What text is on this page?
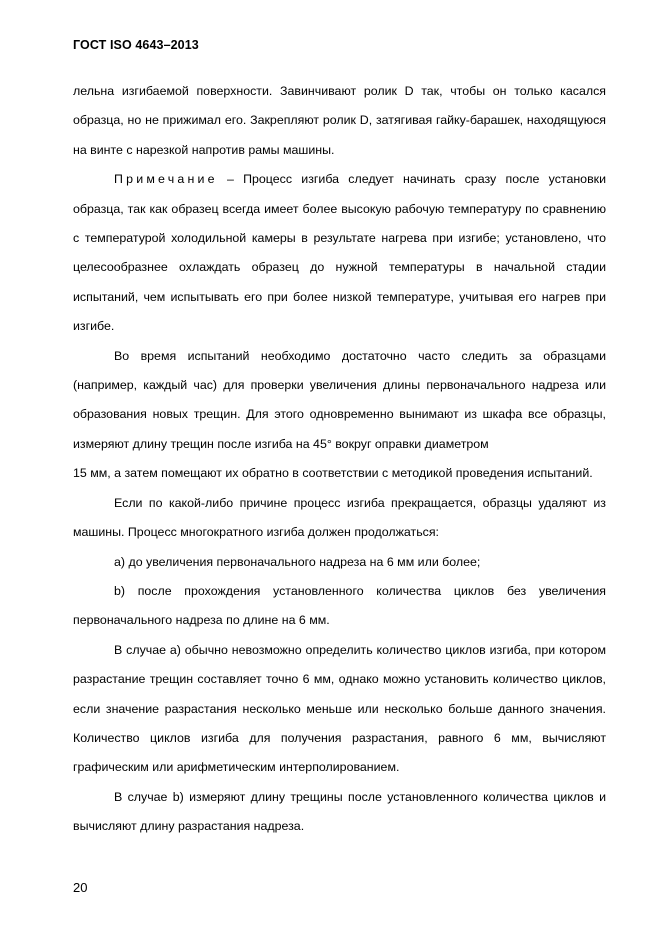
ГОСТ ISO 4643–2013

лельна изгибаемой поверхности. Завинчивают ролик D так, чтобы он только касался образца, но не прижимал его. Закрепляют ролик D, затягивая гайку-барашек, находящуюся на винте с нарезкой напротив рамы машины.

Примечание – Процесс изгиба следует начинать сразу после установки образца, так как образец всегда имеет более высокую рабочую температуру по сравнению с температурой холодильной камеры в результате нагрева при изгибе; установлено, что целесообразнее охлаждать образец до нужной температуры в начальной стадии испытаний, чем испытывать его при более низкой температуре, учитывая его нагрев при изгибе.

Во время испытаний необходимо достаточно часто следить за образцами (например, каждый час) для проверки увеличения длины первоначального надреза или образования новых трещин. Для этого одновременно вынимают из шкафа все образцы, измеряют длину трещин после изгиба на 45° вокруг оправки диаметром

15 мм, а затем помещают их обратно в соответствии с методикой проведения испытаний.

Если по какой-либо причине процесс изгиба прекращается, образцы удаляют из машины. Процесс многократного изгиба должен продолжаться:

a) до увеличения первоначального надреза на 6 мм или более;

b) после прохождения установленного количества циклов без увеличения первоначального надреза по длине на 6 мм.

В случае a) обычно невозможно определить количество циклов изгиба, при котором разрастание трещин составляет точно 6 мм, однако можно установить количество циклов, если значение разрастания несколько меньше или несколько больше данного значения. Количество циклов изгиба для получения разрастания, равного 6 мм, вычисляют графическим или арифметическим интерполированием.

В случае b) измеряют длину трещины после установленного количества циклов и вычисляют длину разрастания надреза.

20
